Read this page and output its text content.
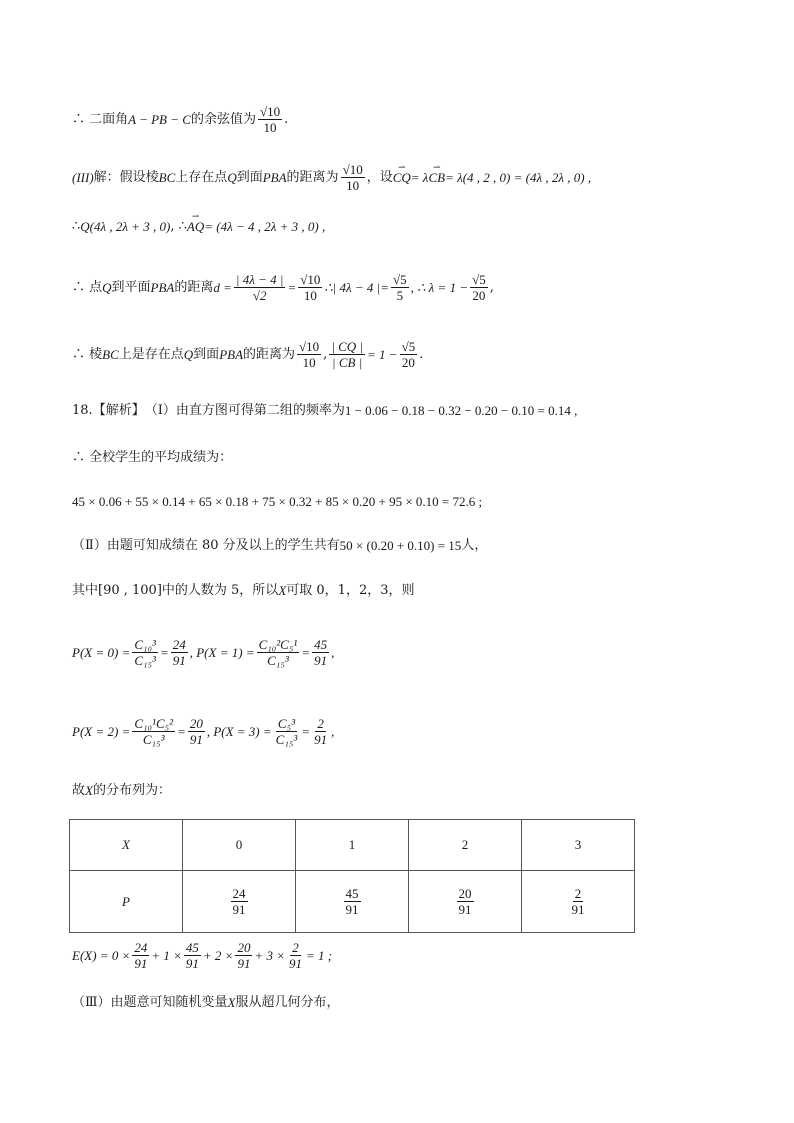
∴ 二面角 A − PB − C 的余弦值为 $\frac{√10}{10}$ .
(III) 解：假设棱 BC 上存在点 Q 到面 PBA 的距离为 $\frac{√10}{10}$ ，设 ⇀ CQ = λ ⇀ CB = λ(4 , 2 , 0) = (4λ , 2λ , 0) ,
∴ Q(4λ , 2λ + 3 , 0) , ∴ ⇀ AQ = (4λ − 4 , 2λ + 3 , 0) ,
∴ 点 Q 到平面 PBA 的距离 $d = \frac{| 4\lambda - 4 |}{√2} = \frac{√10}{10}$ ∴| 4λ − 4 |= $\frac{√5}{5}$ , ∴ $\lambda = 1 - \frac{√5}{20}$ ,
∴ 棱 BC 上是存在点 Q 到面 PBA 的距离为 $\frac{√10}{10}$ , $\frac{| CQ |}{| CB |} = 1 - \frac{√5}{20}$ .
18. 【解析】 （Ⅰ）由直方图可得第二组的频率为 1 − 0.06 − 0.18 − 0.32 − 0.20 − 0.10 = 0.14 ,
∴ 全校学生的平均成绩为：
45 × 0.06 + 55 × 0.14 + 65 × 0.18 + 75 × 0.32 + 85 × 0.20 + 95 × 0.10 = 72.6 ;
（Ⅱ）由题可知成绩在 80 分及以上的学生共有 50 × (0.20 + 0.10) = 15 人，
其中[90 , 100]中的人数为 5，所以 X 可取 0，1，2，3，则
$P(X = 0) = \frac{\text{C₁₀³}}{\text{C₁₅³}} = \frac{24}{91}$ , $P(X = 1) = \frac{\text{C₁₀²C₅¹}}{\text{C₁₅³}} = \frac{45}{91}$ ,
$P(X = 2) = \frac{\text{C₁₀¹C₅²}}{\text{C₁₅³}} = \frac{20}{91}$ , $P(X = 3) = \frac{\text{C₅³}}{\text{C₁₅³}} = \frac{2}{91}$ ,
故 X 的分布列为：
X	0	1	2	3
P	$\frac{24}{91}$	$\frac{45}{91}$	$\frac{20}{91}$	$\frac{2}{91}$
$E(X) = 0 \times \frac{24}{91} + 1 \times \frac{45}{91} + 2 \times \frac{20}{91} + 3 \times \frac{2}{91} = 1$ ;
（Ⅲ）由题意可知随机变量 X 服从超几何分布，
